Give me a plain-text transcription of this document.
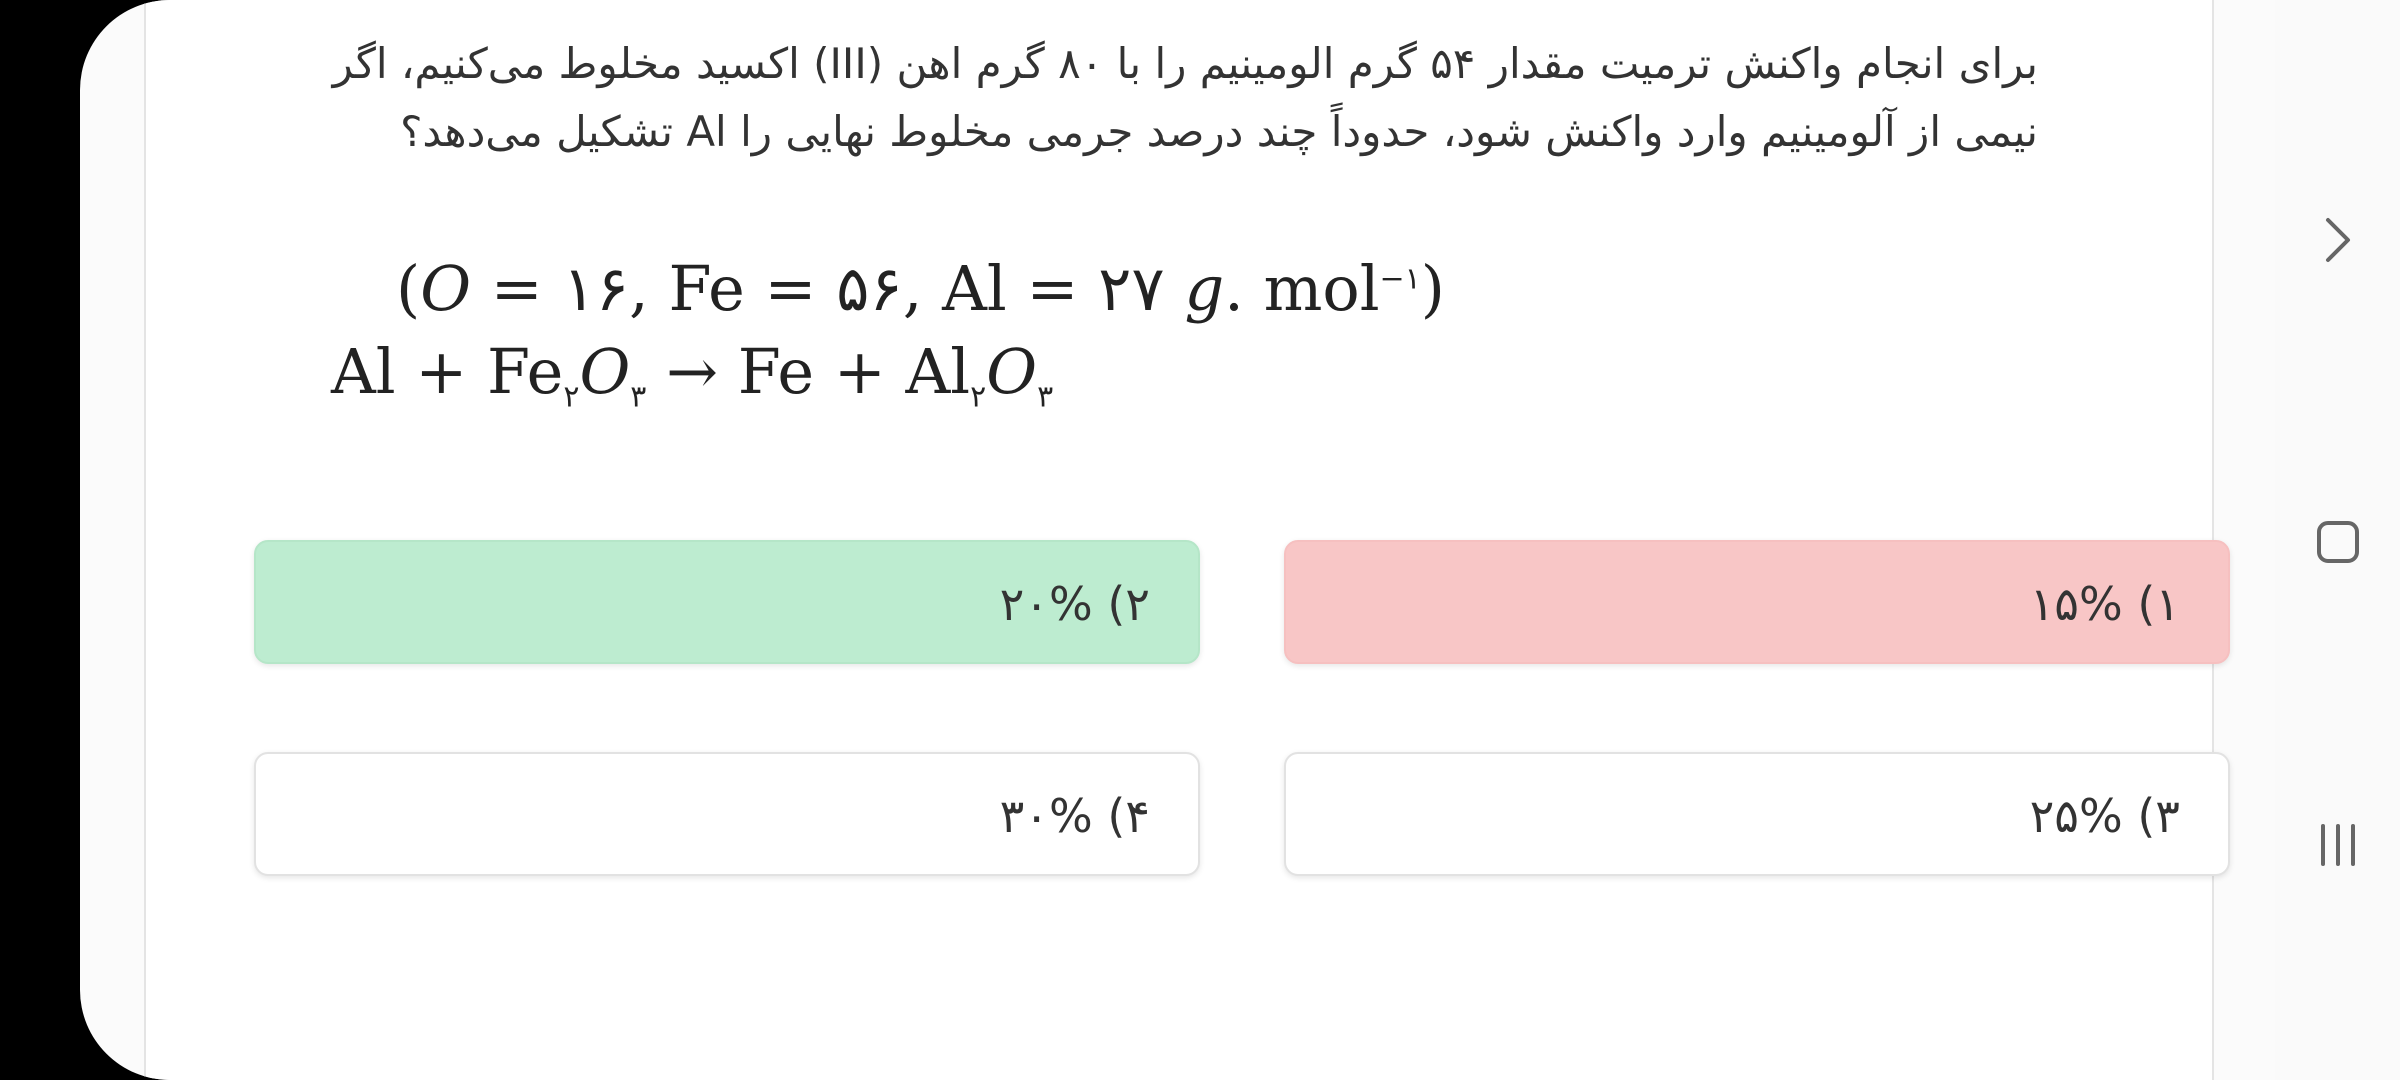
برای انجام واکنش ترمیت مقدار ۵۴ گرم الومینیم را با ۸۰ گرم اهن (III) اکسید مخلوط می‌کنیم، اگر نیمی از آلومینیم وارد واکنش شود، حدوداً چند درصد جرمی مخلوط نهایی را Al تشکیل می‌دهد؟

(O = ۱۶, Fe = ۵۶, Al = ۲۷ g. mol$^{-۱}$)
$Al + Fe_۲O_۳ \to Fe + Al_۲O_۳$
۱) ۱۵%
۲) ۲۰%
۳) ۲۵%
۴) ۳۰%
